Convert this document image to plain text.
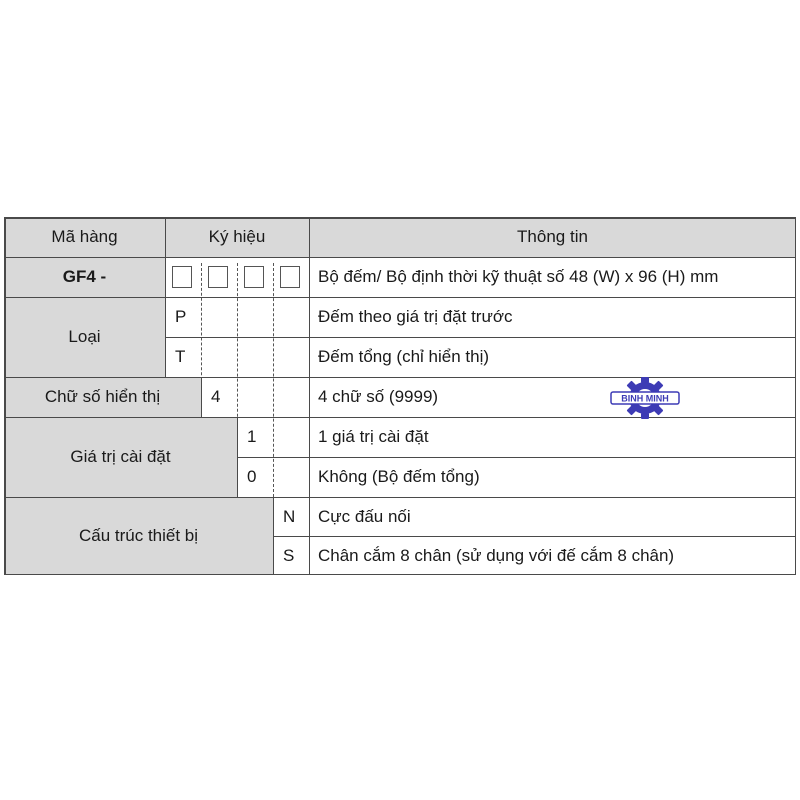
Mã hàng	Ký hiệu	Thông tin
GF4 -
Loại
Chữ số hiển thị
Giá trị cài đặt
Cấu trúc thiết bị
P
T
4
1
0
N
S
Bộ đếm/ Bộ định thời kỹ thuật số 48 (W) x 96 (H) mm
Đếm theo giá trị đặt trước
Đếm tổng (chỉ hiển thị)
4 chữ số (9999)
1 giá trị cài đặt
Không (Bộ đếm tổng)
Cực đấu nối
Chân cắm 8 chân (sử dụng với đế cắm 8 chân)
BINH MINH
